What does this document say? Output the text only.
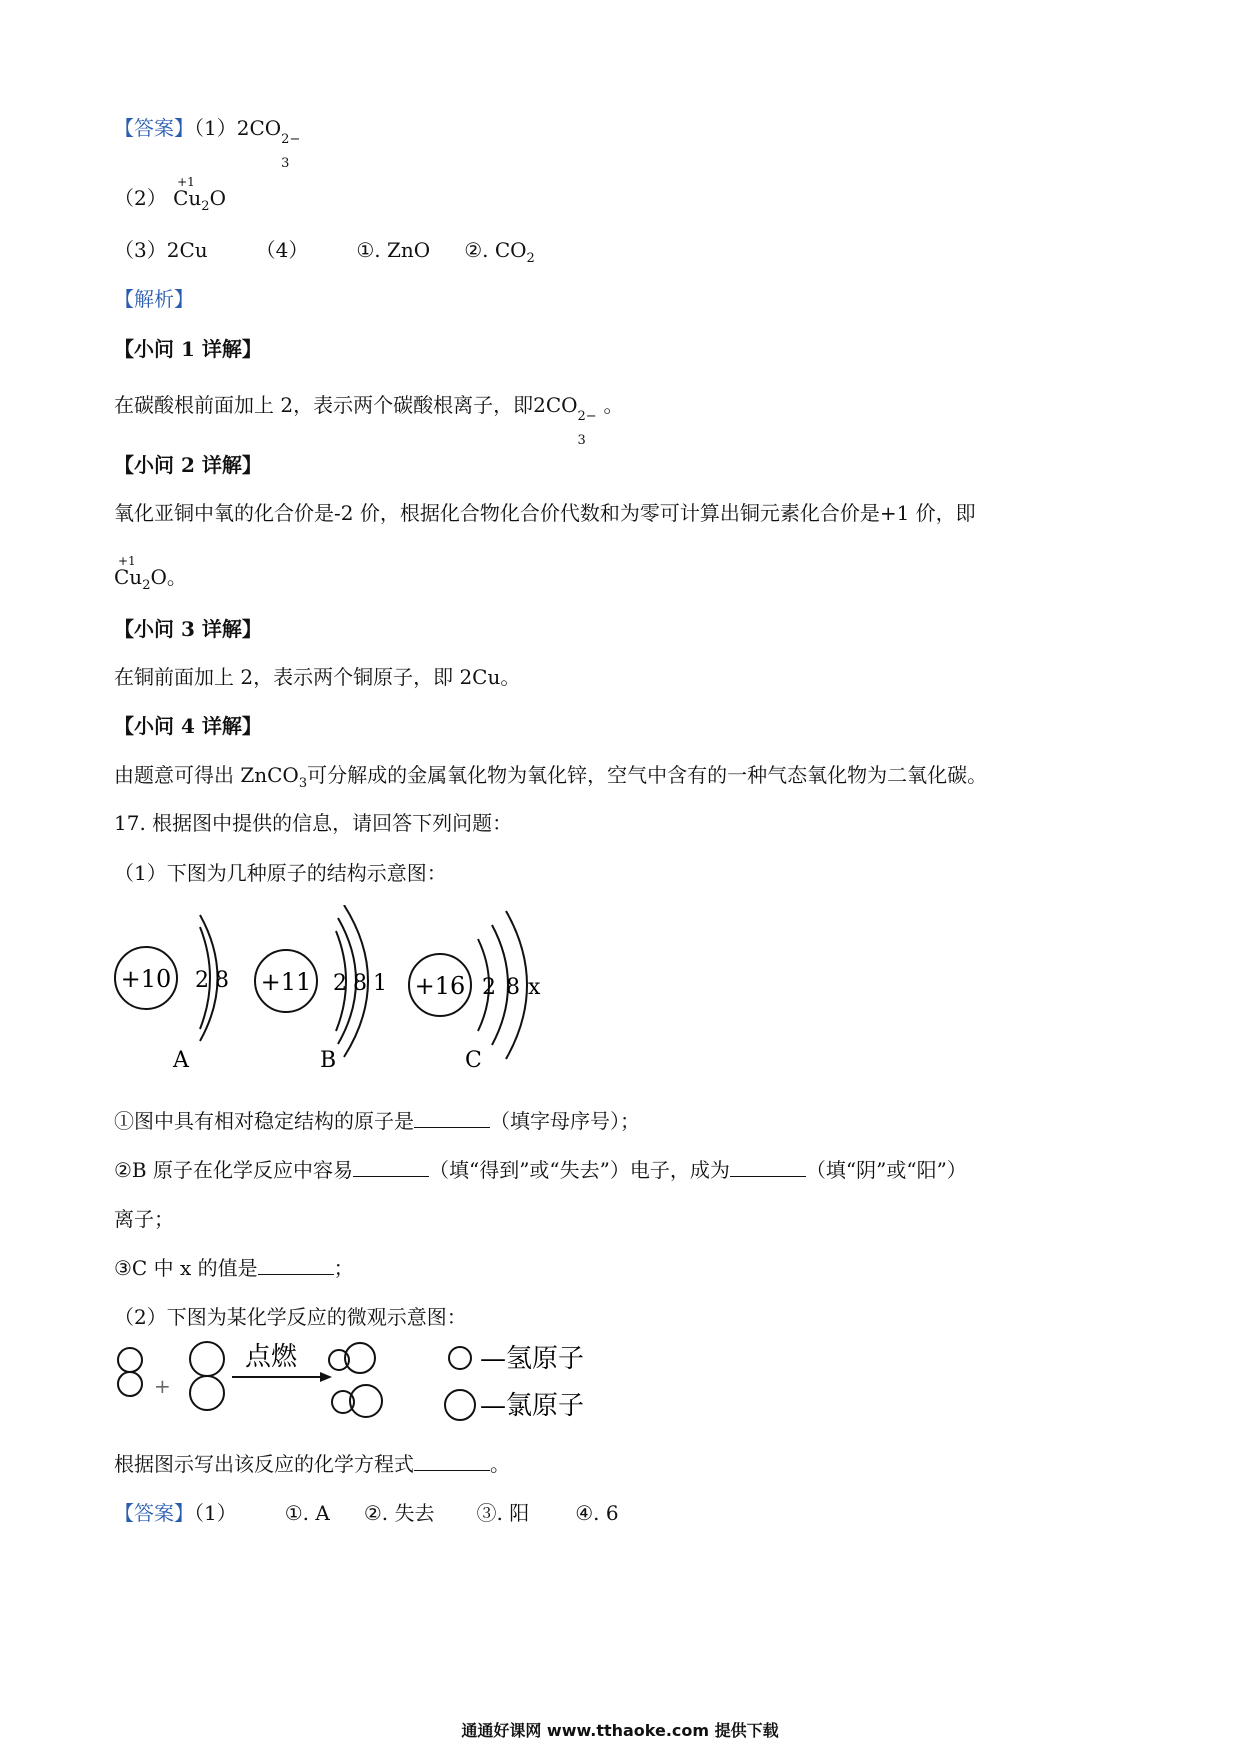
【答案】（1）2CO 2−
3
（2）
+1
$Cu_2O$
（3）2Cu （4） ①. ZnO ②. $CO_2$
【解析】
【小问 1 详解】
在碳酸根前面加上 2，表示两个碳酸根离子，即2CO 2−
3
。
【小问 2 详解】
氧化亚铜中氧的化合价是-2 价，根据化合物化合价代数和为零可计算出铜元素化合价是+1 价，即
+1
$Cu_2O$。
【小问 3 详解】
在铜前面加上 2，表示两个铜原子，即 2Cu。
【小问 4 详解】
由题意可得出 ZnCO$_3$可分解成的金属氧化物为氧化锌，空气中含有的一种气态氧化物为二氧化碳。
17. 根据图中提供的信息，请回答下列问题：
（1）下图为几种原子的结构示意图：
+10 2 8
A
+11 2 8 1
B
+16 2 8 x
C
①图中具有相对稳定结构的原子是	（填字母序号）；
②B 原子在化学反应中容易	（填“得到”或“失去”）电子，成为	（填“阴”或“阳”）
离子；
③C 中 x 的值是	；
（2）下图为某化学反应的微观示意图：
+
点燃	—氢原子
—氯原子
根据图示写出该反应的化学方程式	。
【答案】（1） ①. A ②. 失去 ③. 阳 ④. 6
通通好课网 www.tthaoke.com 提供下载
